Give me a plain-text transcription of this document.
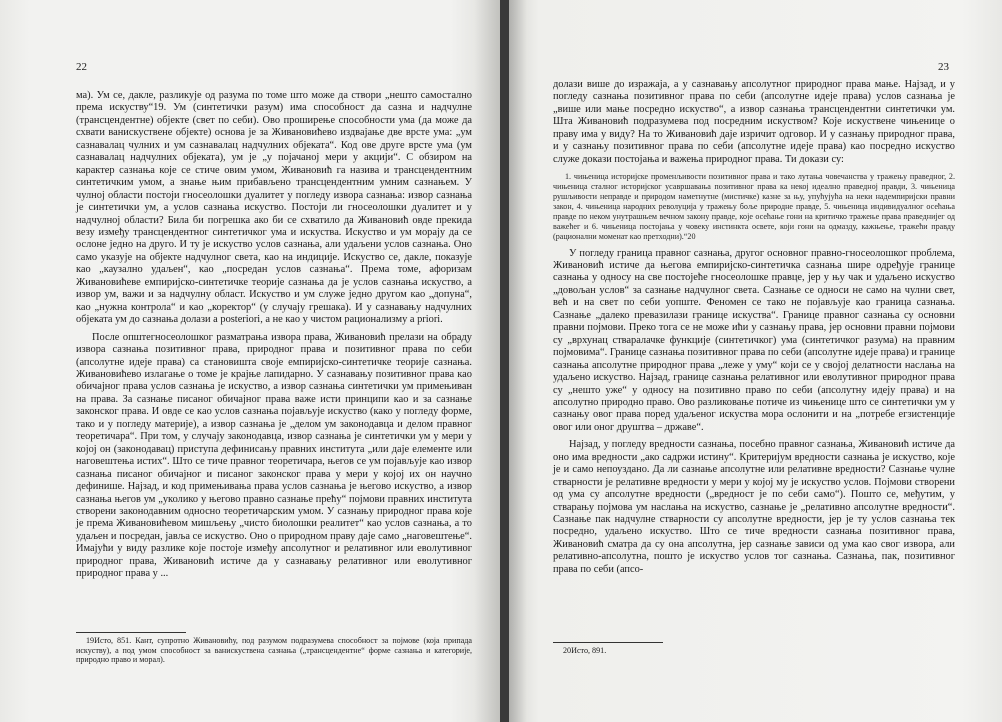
22

ма). Ум се, дакле, разликује од разума по томе што може да створи „нешто самостално према искуству“19. Ум (синтетички разум) има способност да сазна и надчулне (трансцендентне) објекте (свет по себи). Ово проширење способности ума (да може да схвати ванискуствене објекте) основа је за Живановићево издвајање две врсте ума: „ум сазнавалац чулних и ум сазнавалац надчулних објеката“. Код ове друге врсте ума (ум сазнавалац надчулних објеката), ум је „у појачаној мери у акцији“. С обзиром на карактер сазнања које се стиче овим умом, Живановић га назива и трансцендентним синтетичким умом, а знање њим прибављено трансцендентним умним сазнањем. У чулној области постоји гносеолошки дуалитет у погледу извора сазнања: извор сазнања је синтетички ум, а услов сазнања искуство. Постоји ли гносеолошки дуалитет и у надчулној области? Била би погрешка ако би се схватило да Живановић овде прекида везу између трансцендентног синтетичког ума и искуства. Искуство и ум морају да се ослоне једно на друго. И ту је искуство услов сазнања, али удаљени услов сазнања. Оно само указује на објекте надчулног света, као на индиције. Искуство се, дакле, показује као „каузално удаљен“, као „посредан услов сазнања“. Према томе, афоризам Живановићеве емпиријско-синтетичке теорије сазнања да је услов сазнања искуство, а извор ум, важи и за надчулну област. Искуство и ум служе једно другом као „допуна“, као „нужна контрола“ и као „коректор“ (у случају грешака). И у сазнавању надчулних објеката ум до сазнања долази a posteriori, а не као у чистом рационализму a priori.

После општегносеолошког разматрања извора права, Живановић прелази на обраду извора сазнања позитивног права, природног права и позитивног права по себи (апсолутне идеје права) са становишта своје емпиријско-синтетичке теорије сазнања. Живановићево излагање о томе је крајње лапидарно. У сазнавању позитивног права као обичајног права услов сазнања је искуство, а извор сазнања синтетички ум примењиван на права. За сазнање писаног обичајног права важе исти принципи као и за сазнање законског права. И овде се као услов сазнања појављује искуство (како у погледу форме, тако и у погледу материје), а извор сазнања је „делом ум законодавца и делом правног теоретичара“. При том, у случају законодавца, извор сазнања је синтетички ум у мери у којој он (законодавац) приступа дефинисању правних института „или даје елементе или наговештења истих“. Што се тиче правног теоретичара, његов се ум појављује као извор сазнања писаног обичајног и писаног законског права у мери у којој их он научно дефинише. Најзад, и код примењивања права услов сазнања је његово искуство, а извор сазнања његов ум „уколико у његово правно сазнање прећу“ појмови правних института створени законодавним односно теоретичарским умом. У сазнању природног права које је према Живановићевом мишљењу „чисто биолошки реалитет“ као услов сазнања, а то удаљен и посредан, јавља се искуство. Оно о природном праву даје само „наговештење“. Имајући у виду разлике које постоје између апсолутног и релативног или еволутивног природног права, Живановић истиче да у сазнавању релативног или еволутивног природног права у ...

19Исто, 851. Кант, супротно Живановићу, под разумом подразумева способност за појмове (која припада искуству), а под умом способност за ванискуствена сазнања („трансцендентне“ форме сазнања и категорије, природно право и морал).
23

долази више до изражаја, а у сазнавању апсолутног природног права мање. Најзад, и у погледу сазнања позитивног права по себи (апсолутне идеје права) услов сазнања је „више или мање посредно искуство“, а извор сазнања трансцендентни синтетички ум. Шта Живановић подразумева под посредним искуством? Које искуствене чињенице о праву има у виду? На то Живановић даје изричит одговор. И у сазнању природног права, и у сазнању позитивног права по себи (апсолутне идеје права) као посредно искуство служе докази постојања и важења природног права. Ти докази су:

1. чињеница историјске променљивости позитивног права и тако лутања човечанства у тражењу праведног, 2. чињеница сталног историјског усавршавања позитивног права ка некој идеално праведној правди, 3. чињеница рушљивости неправде и природом наметнутне (мистичке) казне за њу, упућујућа на неки надемпиријски правни закон, 4. чињеница народних револуција у тражењу боље природне правде, 5. чињеница индивидуалног осећања правде по неком унутрашњем вечном закону правде, које осећање гони на критичко тражење права праведнијег од важећег и 6. чињеница постојања у човеку инстинкта освете, који гони на одмазду, кажњење, тражећи правду (рационални моменат као претходни).“20

У погледу граница правног сазнања, другог основног правно-гносеолошког проблема, Живановић истиче да његова емпиријско-синтетичка сазнања шире одређује границе сазнања у односу на све постојеће гносеолошке правце, јер у њу чак и удаљено искуство „довољан услов“ за сазнање надчулног света. Сазнање се односи не само на чулни свет, већ и на свет по себи уопште. Феномен се тако не појављује као граница сазнања. Сазнање „далеко превазилази границе искуства“. Границе правног сазнања су основни правни појмови. Преко тога се не може ићи у сазнању права, јер основни правни појмови су „врхунац стваралачке функције (синтетичког) ума (синтетичког разума) на правним појмовима“. Границе сазнања позитивног права по себи (апсолутне идеје права) и границе сазнања апсолутне природног права „леже у уму“ који се у својој делатности наслања на удаљено искуство. Најзад, границе сазнања релативног или еволутивног природног права су „нешто уже“ у односу на позитивно право по себи (апсолутну идеју права) и на апсолутно природно право. Ово разликовање потиче из чињенице што се синтетички ум у сазнању овог права поред удаљеног искуства мора ослонити и на „потребе егзистенције овог или оног друштва – државе“.

Најзад, у погледу вредности сазнања, посебно правног сазнања, Живановић истиче да оно има вредности „ако садржи истину“. Критеријум вредности сазнања је искуство, које је и само непоуздано. Да ли сазнање апсолутне или релативне вредности? Сазнање чулне стварности је релативне вредности у мери у којој му је искуство услов. Појмови створени од ума су апсолутне вредности („вредност је по себи само“). Пошто се, међутим, у стварању појмова ум наслања на искуство, сазнање је „релативно апсолутне вредности“. Сазнање пак надчулне стварности су апсолутне вредности, јер је ту услов сазнања тек посредно, удаљено искуство. Што се тиче вредности сазнања позитивног права, Живановић сматра да су она апсолутна, јер сазнање зависи од ума као свог извора, али релативно-апсолутна, пошто је искуство услов тог сазнања. Сазнања, пак, позитивног права по себи (апсо-

20Исто, 891.
